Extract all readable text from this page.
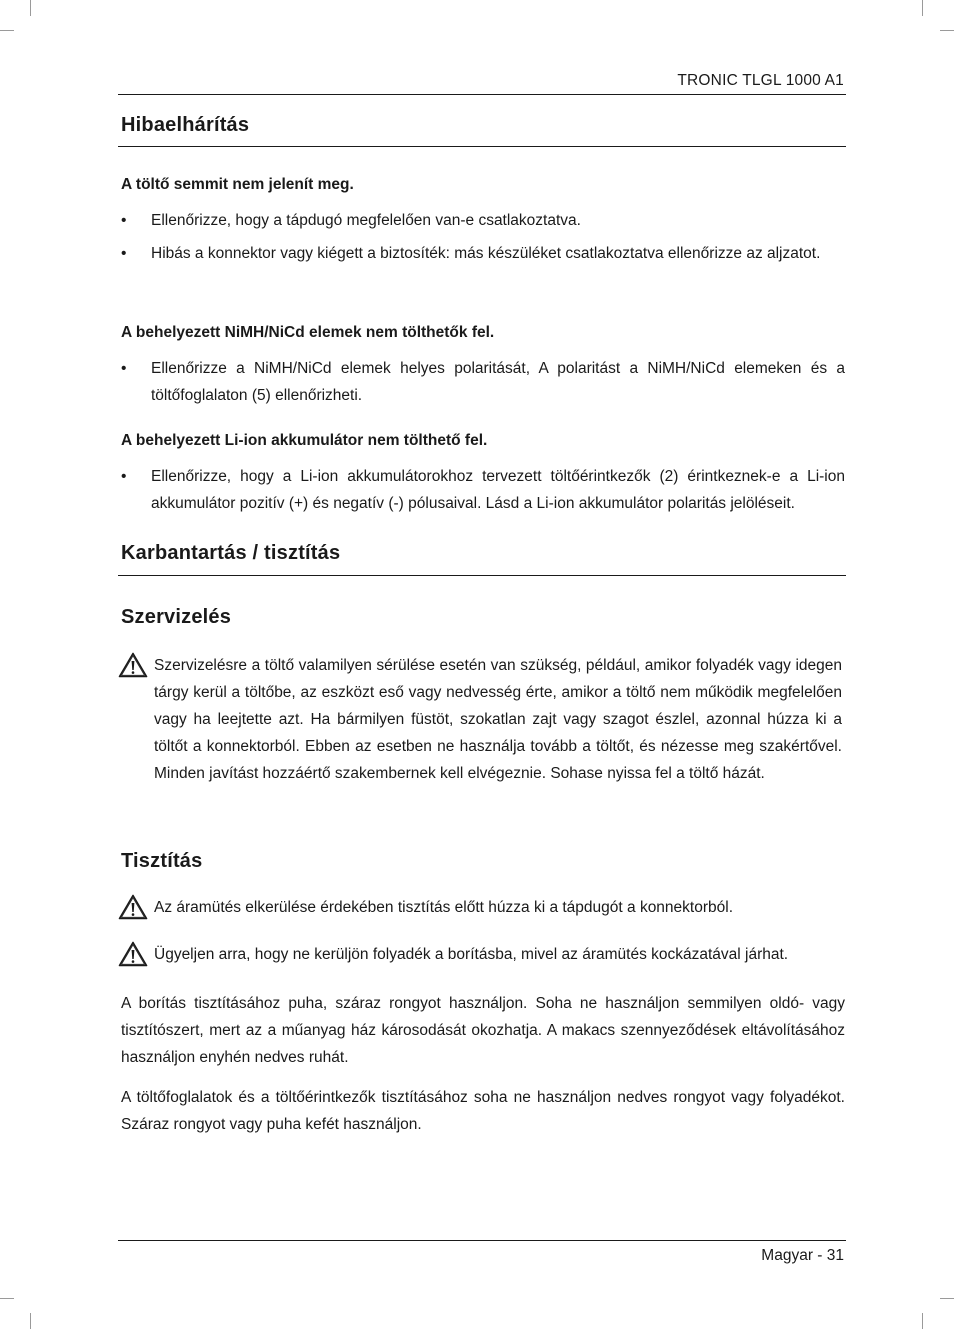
TRONIC TLGL 1000 A1
Hibaelhárítás
A töltő semmit nem jelenít meg.
• Ellenőrizze, hogy a tápdugó megfelelően van-e csatlakoztatva.
• Hibás a konnektor vagy kiégett a biztosíték: más készüléket csatlakoztatva ellenőrizze az aljzatot.
A behelyezett NiMH/NiCd elemek nem tölthetők fel.
• Ellenőrizze a NiMH/NiCd elemek helyes polaritását, A polaritást a NiMH/NiCd elemeken és a töltőfoglalaton (5) ellenőrizheti.
A behelyezett Li-ion akkumulátor nem tölthető fel.
• Ellenőrizze, hogy a Li-ion akkumulátorokhoz tervezett töltőérintkezők (2) érintkeznek-e a Li-ion akkumulátor pozitív (+) és negatív (-) pólusaival. Lásd a Li-ion akkumulátor polaritás jelöléseit.
Karbantartás / tisztítás
Szervizelés
Szervizelésre a töltő valamilyen sérülése esetén van szükség, például, amikor folyadék vagy idegen tárgy kerül a töltőbe, az eszközt eső vagy nedvesség érte, amikor a töltő nem működik megfelelően vagy ha leejtette azt. Ha bármilyen füstöt, szokatlan zajt vagy szagot észlel, azonnal húzza ki a töltőt a konnektorból. Ebben az esetben ne használja tovább a töltőt, és nézesse meg szakértővel. Minden javítást hozzáértő szakembernek kell elvégeznie. Sohase nyissa fel a töltő házát.
Tisztítás
Az áramütés elkerülése érdekében tisztítás előtt húzza ki a tápdugót a konnektorból.
Ügyeljen arra, hogy ne kerüljön folyadék a borításba, mivel az áramütés kockázatával járhat.
A borítás tisztításához puha, száraz rongyot használjon. Soha ne használjon semmilyen oldó- vagy tisztítószert, mert az a műanyag ház károsodását okozhatja. A makacs szennyeződések eltávolításához használjon enyhén nedves ruhát.
A töltőfoglalatok és a töltőérintkezők tisztításához soha ne használjon nedves rongyot vagy folyadékot. Száraz rongyot vagy puha kefét használjon.
Magyar - 31
